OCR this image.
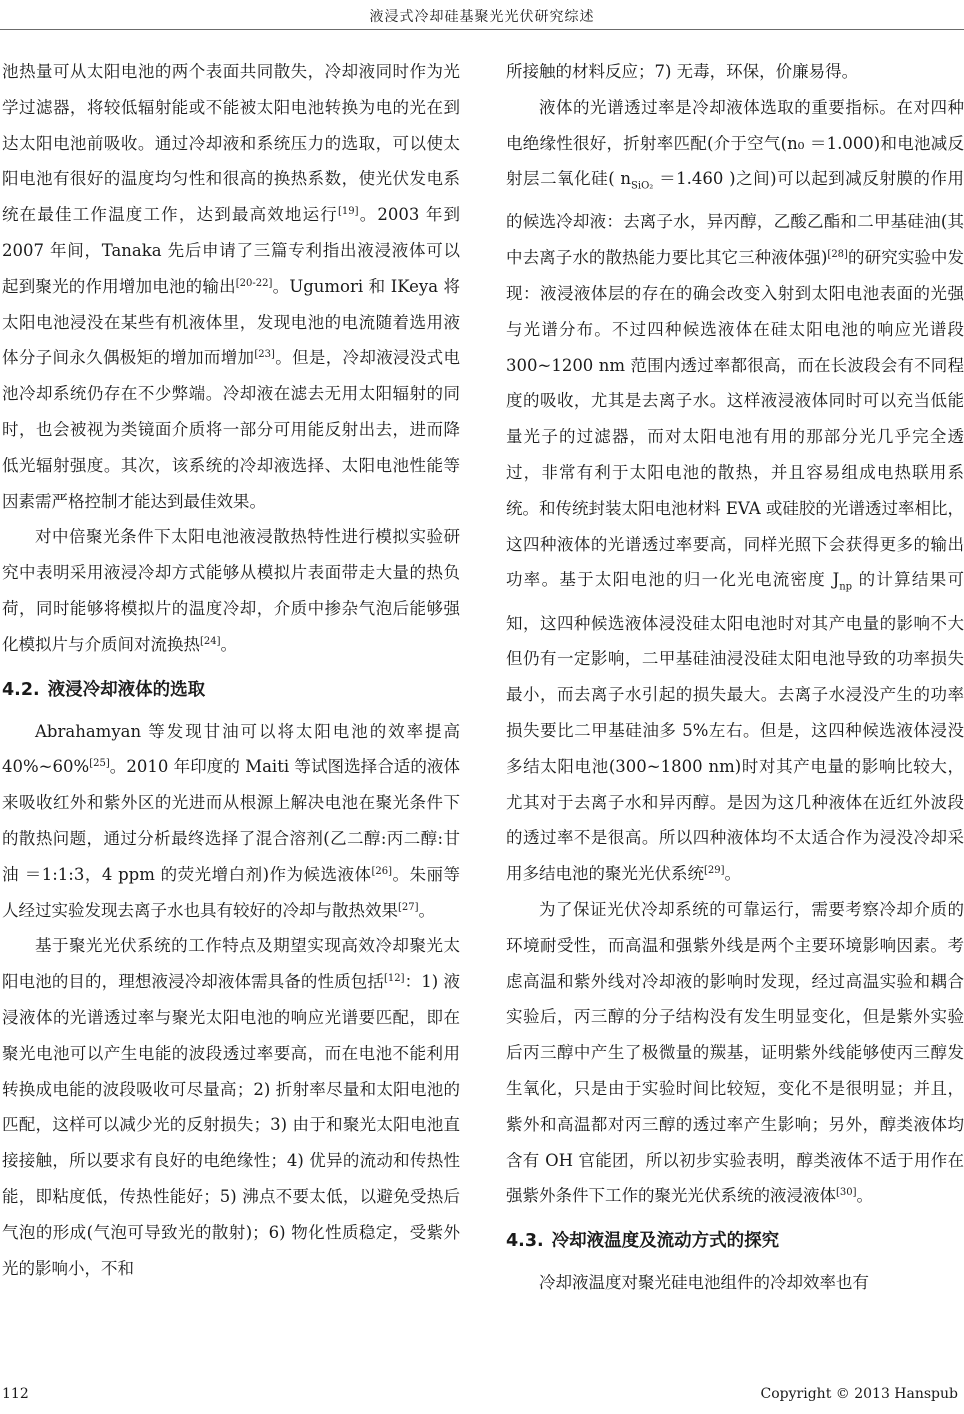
液浸式冷却硅基聚光光伏研究综述

池热量可从太阳电池的两个表面共同散失，冷却液同时作为光学过滤器，将较低辐射能或不能被太阳电池转换为电的光在到达太阳电池前吸收。通过冷却液和系统压力的选取，可以使太阳电池有很好的温度均匀性和很高的换热系数，使光伏发电系统在最佳工作温度工作，达到最高效地运行[19]。2003 年到 2007 年间，Tanaka 先后申请了三篇专利指出液浸液体可以起到聚光的作用增加电池的输出[20-22]。Ugumori 和 IKeya 将太阳电池浸没在某些有机液体里，发现电池的电流随着选用液体分子间永久偶极矩的增加而增加[23]。但是，冷却液浸没式电池冷却系统仍存在不少弊端。冷却液在滤去无用太阳辐射的同时，也会被视为类镜面介质将一部分可用能反射出去，进而降低光辐射强度。其次，该系统的冷却液选择、太阳电池性能等因素需严格控制才能达到最佳效果。

对中倍聚光条件下太阳电池液浸散热特性进行模拟实验研究中表明采用液浸冷却方式能够从模拟片表面带走大量的热负荷，同时能够将模拟片的温度冷却，介质中掺杂气泡后能够强化模拟片与介质间对流换热[24]。

4.2. 液浸冷却液体的选取

Abrahamyan 等发现甘油可以将太阳电池的效率提高 40%~60%[25]。2010 年印度的 Maiti 等试图选择合适的液体来吸收红外和紫外区的光进而从根源上解决电池在聚光条件下的散热问题，通过分析最终选择了混合溶剂(乙二醇:丙二醇:甘油 ＝1:1:3，4 ppm 的荧光增白剂)作为候选液体[26]。朱丽等人经过实验发现去离子水也具有较好的冷却与散热效果[27]。

基于聚光光伏系统的工作特点及期望实现高效冷却聚光太阳电池的目的，理想液浸冷却液体需具备的性质包括[12]：1) 液浸液体的光谱透过率与聚光太阳电池的响应光谱要匹配，即在聚光电池可以产生电能的波段透过率要高，而在电池不能利用转换成电能的波段吸收可尽量高；2) 折射率尽量和太阳电池的匹配，这样可以减少光的反射损失；3) 由于和聚光太阳电池直接接触，所以要求有良好的电绝缘性；4) 优异的流动和传热性能，即粘度低，传热性能好；5) 沸点不要太低，以避免受热后气泡的形成(气泡可导致光的散射)；6) 物化性质稳定，受紫外光的影响小，不和

所接触的材料反应；7) 无毒，环保，价廉易得。

液体的光谱透过率是冷却液体选取的重要指标。在对四种电绝缘性很好，折射率匹配(介于空气(n₀ ＝1.000)和电池减反射层二氧化硅( $n_{SiO_2} =1.460$ )之间)可以起到减反射膜的作用的候选冷却液：去离子水，异丙醇，乙酸乙酯和二甲基硅油(其中去离子水的散热能力要比其它三种液体强)[28]的研究实验中发现：液浸液体层的存在的确会改变入射到太阳电池表面的光强与光谱分布。不过四种候选液体在硅太阳电池的响应光谱段 300~1200 nm 范围内透过率都很高，而在长波段会有不同程度的吸收，尤其是去离子水。这样液浸液体同时可以充当低能量光子的过滤器，而对太阳电池有用的那部分光几乎完全透过，非常有利于太阳电池的散热，并且容易组成电热联用系统。和传统封装太阳电池材料 EVA 或硅胶的光谱透过率相比，这四种液体的光谱透过率要高，同样光照下会获得更多的输出功率。基于太阳电池的归一化光电流密度 $J_{np}$ 的计算结果可知，这四种候选液体浸没硅太阳电池时对其产电量的影响不大但仍有一定影响，二甲基硅油浸没硅太阳电池导致的功率损失最小，而去离子水引起的损失最大。去离子水浸没产生的功率损失要比二甲基硅油多 5%左右。但是，这四种候选液体浸没多结太阳电池(300~1800 nm)时对其产电量的影响比较大，尤其对于去离子水和异丙醇。是因为这几种液体在近红外波段的透过率不是很高。所以四种液体均不太适合作为浸没冷却采用多结电池的聚光光伏系统[29]。

为了保证光伏冷却系统的可靠运行，需要考察冷却介质的环境耐受性，而高温和强紫外线是两个主要环境影响因素。考虑高温和紫外线对冷却液的影响时发现，经过高温实验和耦合实验后，丙三醇的分子结构没有发生明显变化，但是紫外实验后丙三醇中产生了极微量的羰基，证明紫外线能够使丙三醇发生氧化，只是由于实验时间比较短，变化不是很明显；并且，紫外和高温都对丙三醇的透过率产生影响；另外，醇类液体均含有 OH 官能团，所以初步实验表明，醇类液体不适于用作在强紫外条件下工作的聚光光伏系统的液浸液体[30]。

4.3. 冷却液温度及流动方式的探究

冷却液温度对聚光硅电池组件的冷却效率也有

112	Copyright © 2013 Hanspub
